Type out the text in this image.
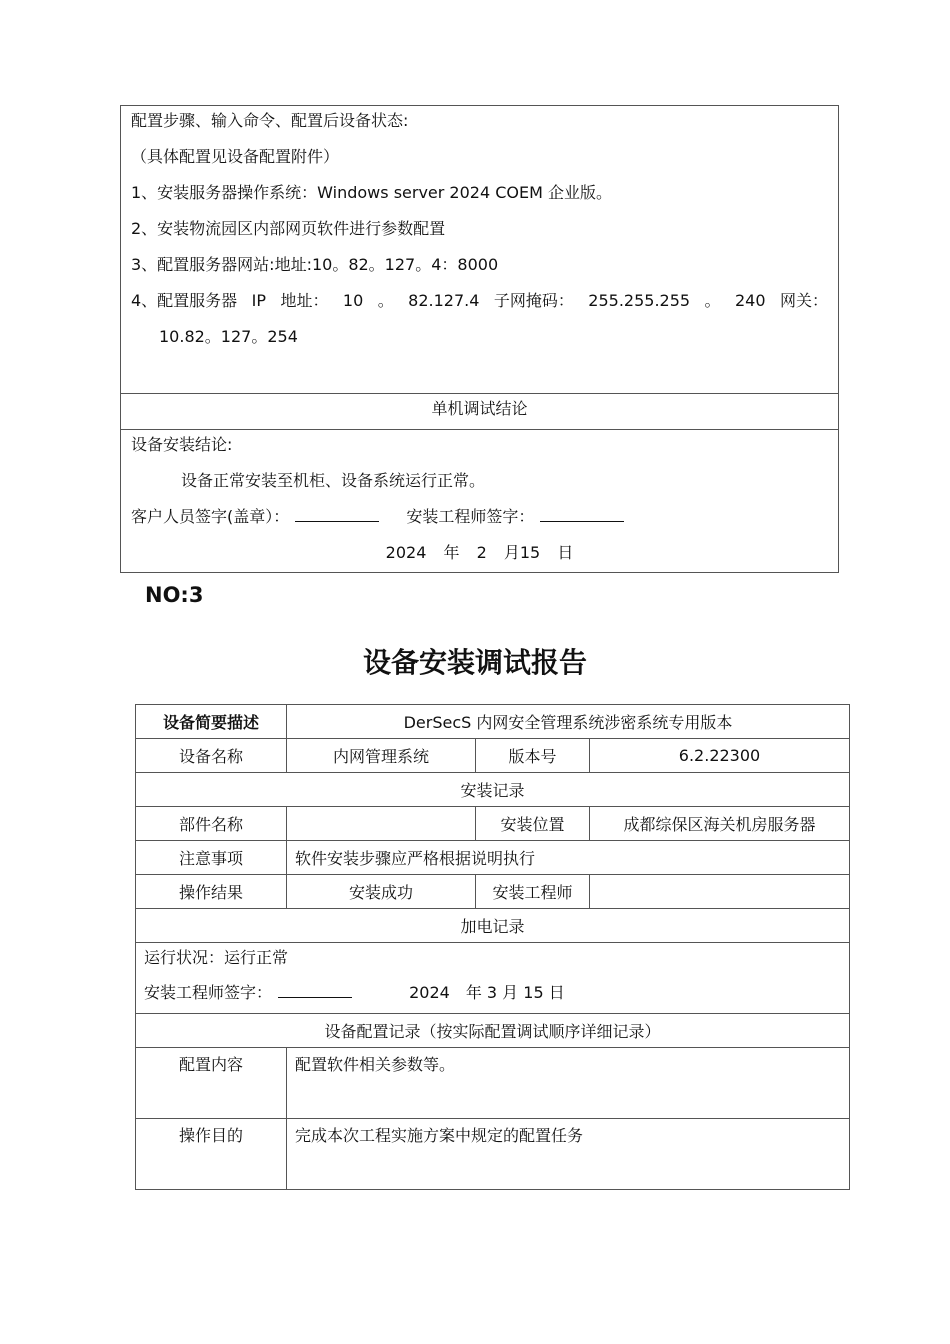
配置步骤、输入命令、配置后设备状态:
（具体配置见设备配置附件）
1、安装服务器操作系统：Windows server 2024 COEM 企业版。
2、安装物流园区内部网页软件进行参数配置
3、配置服务器网站:地址:10。82。127。4：8000
4、配置服务器 IP 地址： 10 。 82.127.4 子网掩码： 255.255.255 。 240 网关：
10.82。127。254
单机调试结论
设备安装结论:
设备正常安装至机柜、设备系统运行正常。
客户人员签字(盖章）：	安装工程师签字：
2024 年 2 月15 日
NO:3
设备安装调试报告
设备简要描述	DerSecS 内网安全管理系统涉密系统专用版本		
设备名称	内网管理系统	版本号	6.2.22300
安装记录			
部件名称		安装位置	成都综保区海关机房服务器
注意事项	软件安装步骤应严格根据说明执行		
操作结果	安装成功	安装工程师	
加电记录			

运行状况：运行正常
安装工程师签字： 2024　年 3 月 15 日			

设备配置记录（按实际配置调试顺序详细记录）			
配置内容	配置软件相关参数等。		
操作目的	完成本次工程实施方案中规定的配置任务		
